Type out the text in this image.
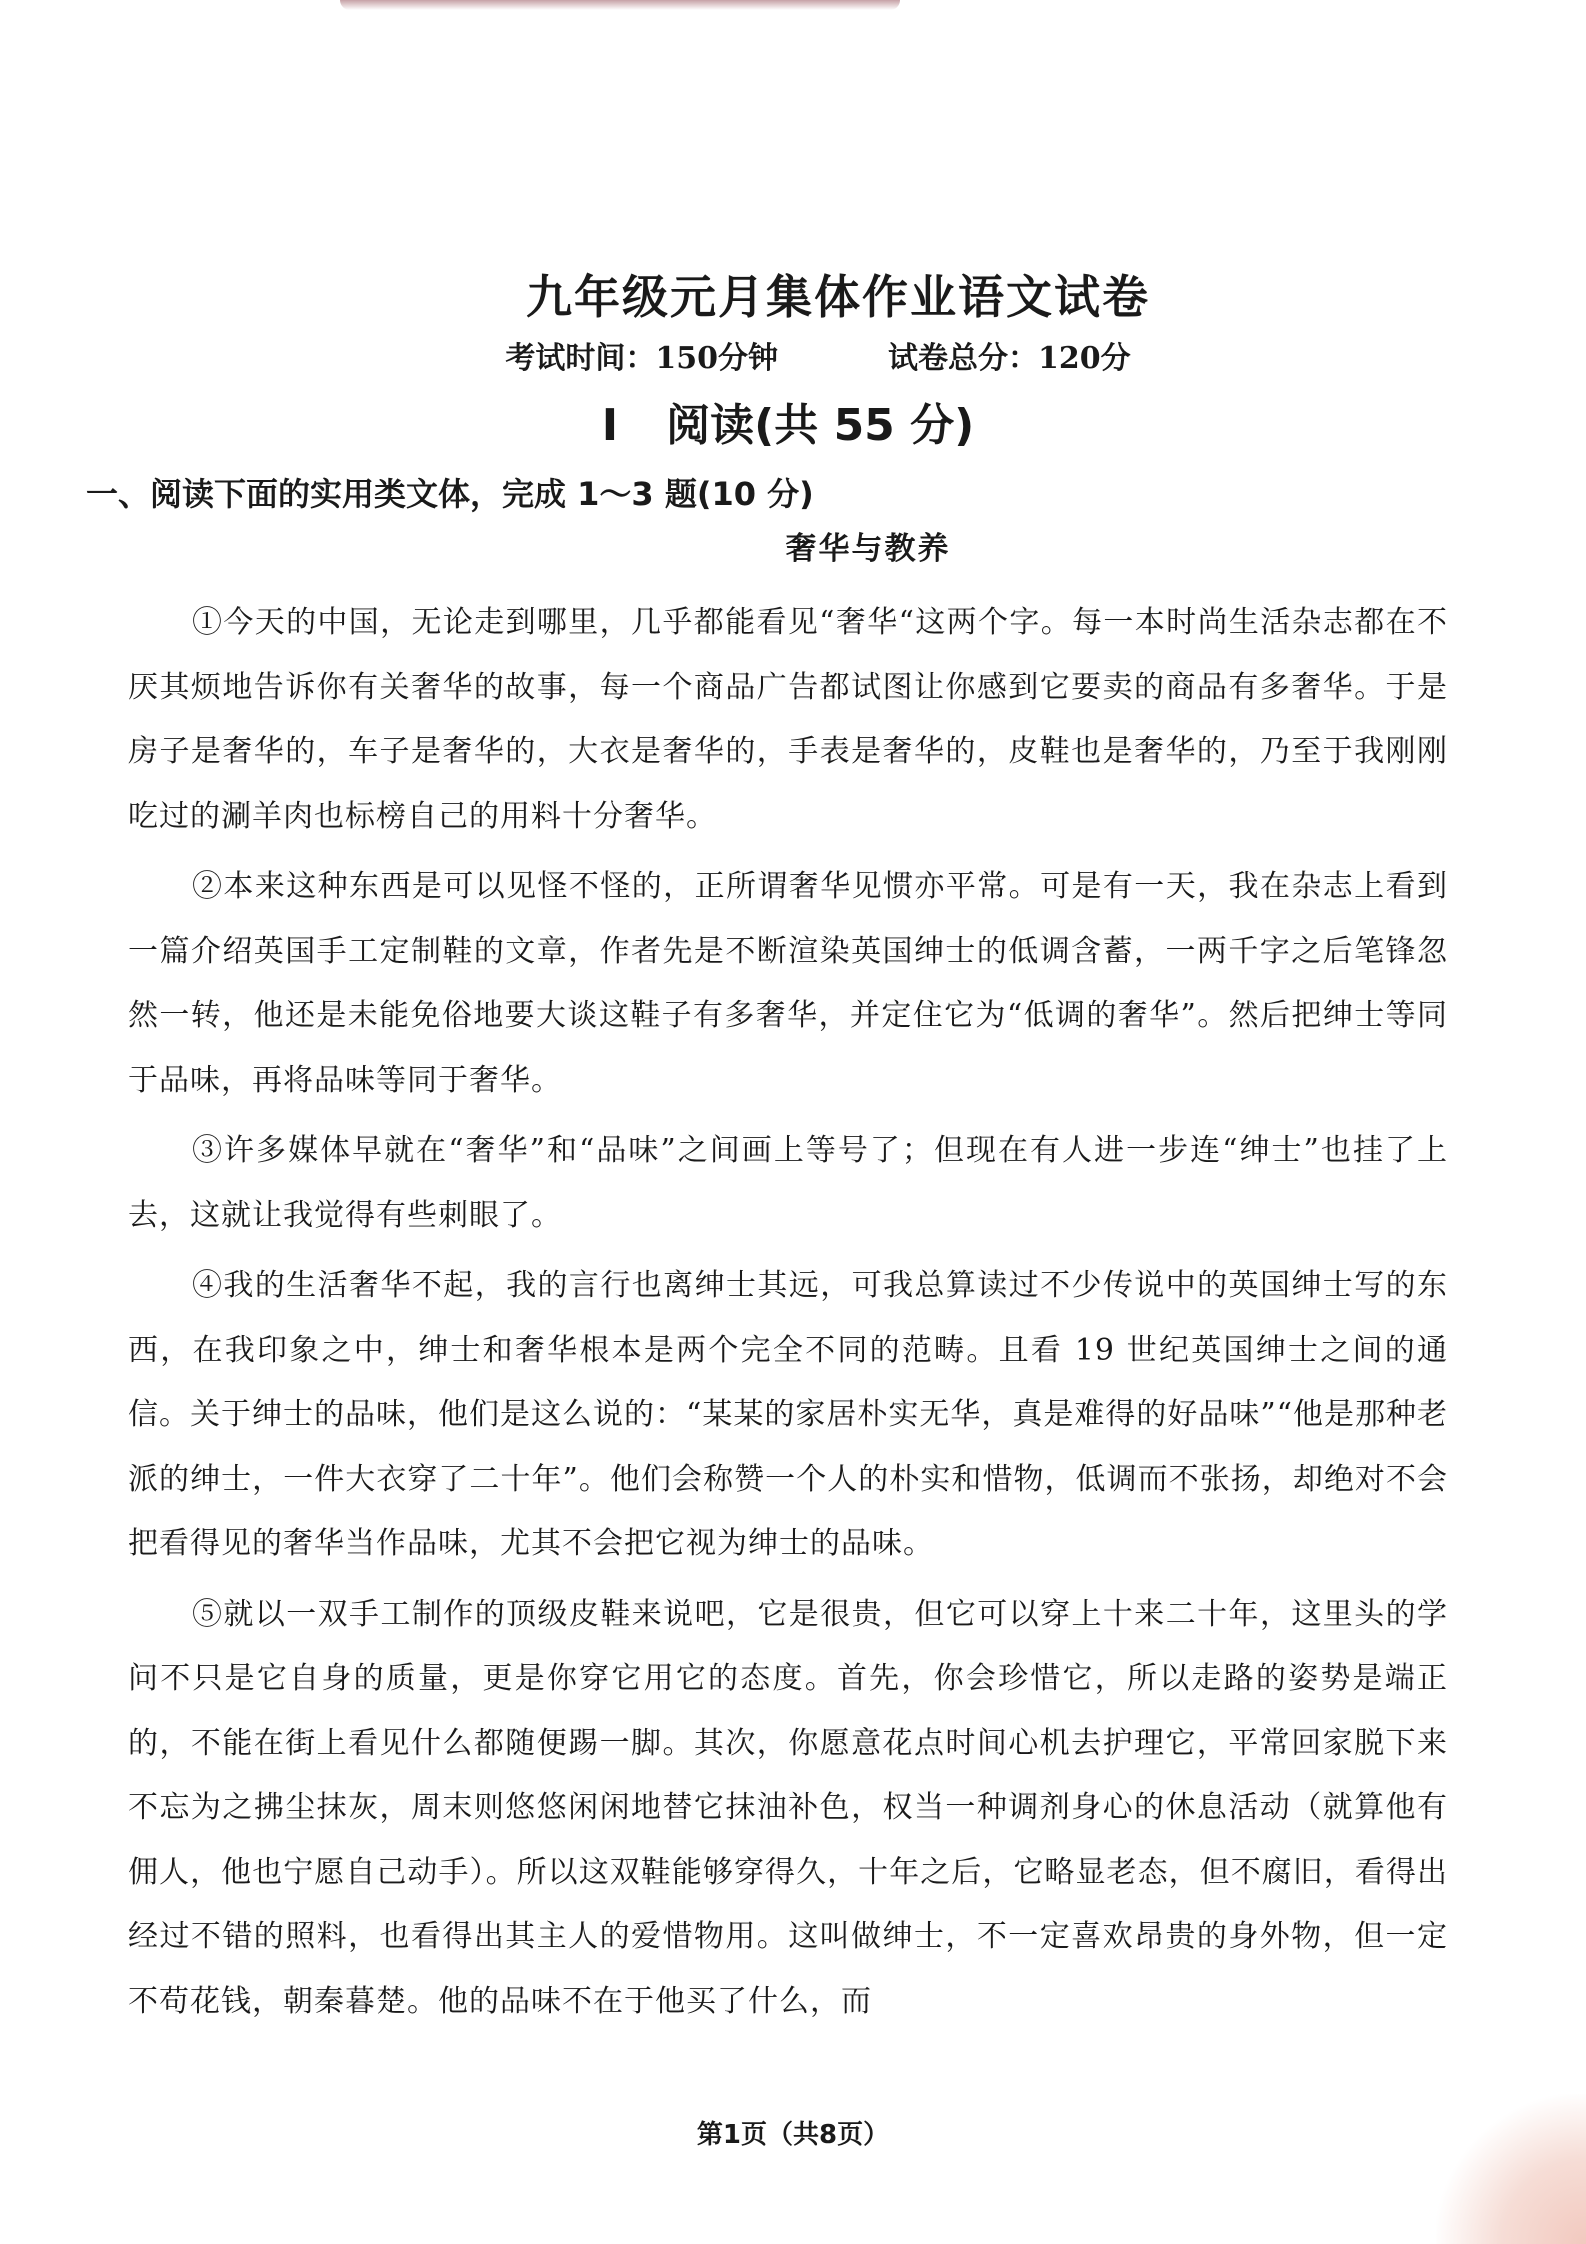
九年级元月集体作业语文试卷
考试时间：150分钟	试卷总分：120分
I 阅读(共 55 分)
一、阅读下面的实用类文体，完成 1～3 题(10 分)
奢华与教养

①今天的中国，无论走到哪里，几乎都能看见“奢华“这两个字。每一本时尚生活杂志都在不厌其烦地告诉你有关奢华的故事，每一个商品广告都试图让你感到它要卖的商品有多奢华。于是房子是奢华的，车子是奢华的，大衣是奢华的，手表是奢华的，皮鞋也是奢华的，乃至于我刚刚吃过的涮羊肉也标榜自己的用料十分奢华。

②本来这种东西是可以见怪不怪的，正所谓奢华见惯亦平常。可是有一天，我在杂志上看到一篇介绍英国手工定制鞋的文章，作者先是不断渲染英国绅士的低调含蓄，一两千字之后笔锋忽然一转，他还是未能免俗地要大谈这鞋子有多奢华，并定住它为“低调的奢华”。然后把绅士等同于品味，再将品味等同于奢华。

③许多媒体早就在“奢华”和“品味”之间画上等号了；但现在有人进一步连“绅士”也挂了上去，这就让我觉得有些刺眼了。

④我的生活奢华不起，我的言行也离绅士其远，可我总算读过不少传说中的英国绅士写的东西，在我印象之中，绅士和奢华根本是两个完全不同的范畴。且看 19 世纪英国绅士之间的通信。关于绅士的品味，他们是这么说的：“某某的家居朴实无华，真是难得的好品味”“他是那种老派的绅士，一件大衣穿了二十年”。他们会称赞一个人的朴实和惜物，低调而不张扬，却绝对不会把看得见的奢华当作品味，尤其不会把它视为绅士的品味。

⑤就以一双手工制作的顶级皮鞋来说吧，它是很贵，但它可以穿上十来二十年，这里头的学问不只是它自身的质量，更是你穿它用它的态度。首先，你会珍惜它，所以走路的姿势是端正的，不能在街上看见什么都随便踢一脚。其次，你愿意花点时间心机去护理它，平常回家脱下来不忘为之拂尘抹灰，周末则悠悠闲闲地替它抹油补色，权当一种调剂身心的休息活动（就算他有佣人，他也宁愿自己动手）。所以这双鞋能够穿得久，十年之后，它略显老态，但不腐旧，看得出经过不错的照料，也看得出其主人的爱惜物用。这叫做绅士，不一定喜欢昂贵的身外物，但一定不苟花钱，朝秦暮楚。他的品味不在于他买了什么，而

第1页（共8页）
